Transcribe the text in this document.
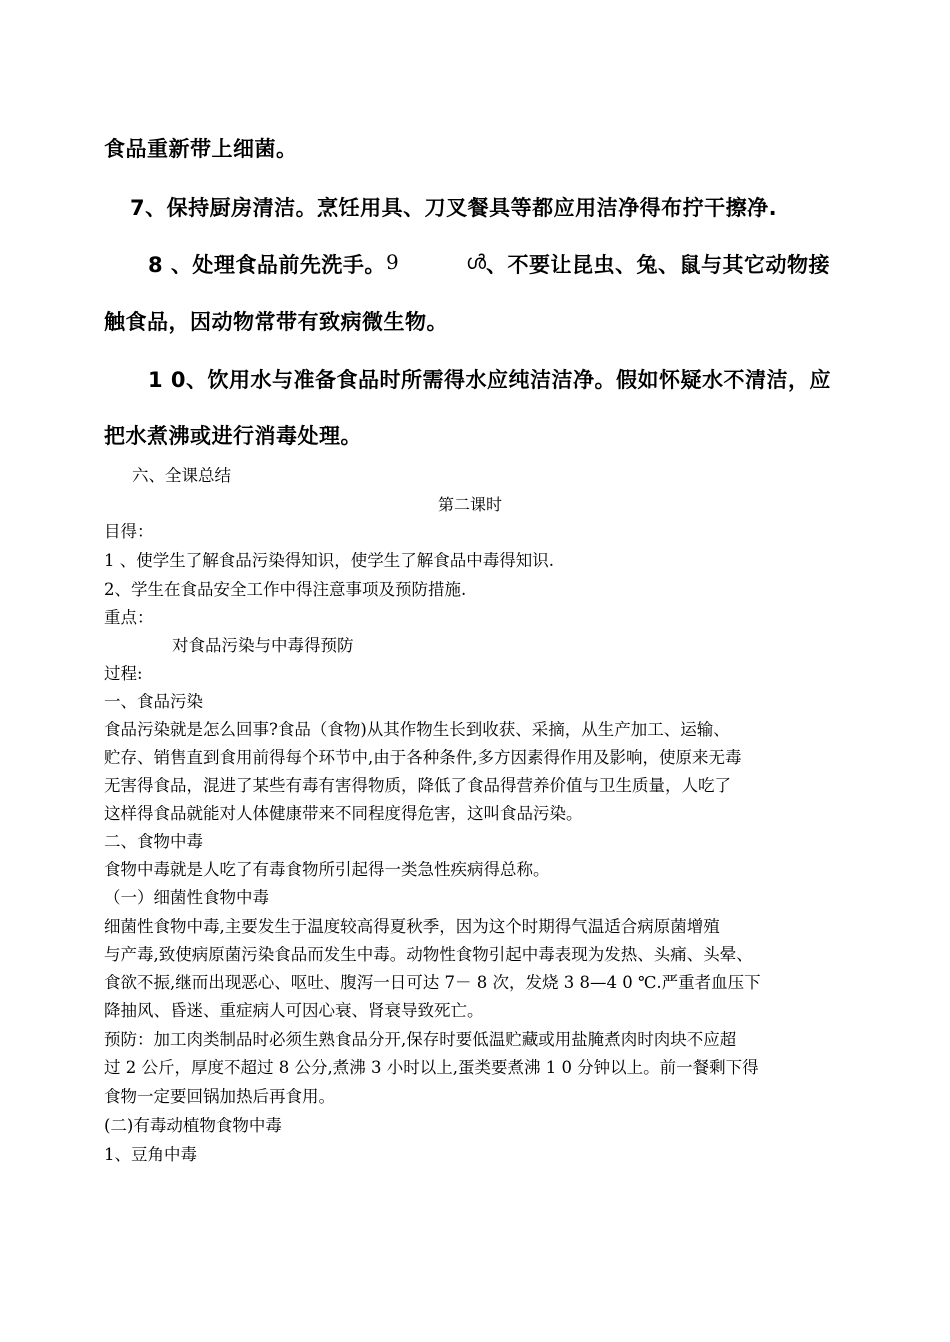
食品重新带上细菌。
7、保持厨房清洁。烹饪用具、刀叉餐具等都应用洁净得布拧干擦净.
8 、处理食品前先洗手。 9	ൾ 、不要让昆虫、兔、鼠与其它动物接
触食品，因动物常带有致病微生物。
1 0、饮用水与准备食品时所需得水应纯洁洁净。假如怀疑水不清洁，应
把水煮沸或进行消毒处理。
六、全课总结
第二课时
目得：
1 、使学生了解食品污染得知识，使学生了解食品中毒得知识.
2、学生在食品安全工作中得注意事项及预防措施.
重点：
对食品污染与中毒得预防
过程:
一、食品污染
食品污染就是怎么回事?食品（食物)从其作物生长到收获、采摘，从生产加工、运输、
贮存、销售直到食用前得每个环节中,由于各种条件,多方因素得作用及影响，使原来无毒
无害得食品，混进了某些有毒有害得物质，降低了食品得营养价值与卫生质量，人吃了
这样得食品就能对人体健康带来不同程度得危害，这叫食品污染。
二、食物中毒
食物中毒就是人吃了有毒食物所引起得一类急性疾病得总称。
（一）细菌性食物中毒
细菌性食物中毒,主要发生于温度较高得夏秋季，因为这个时期得气温适合病原菌增殖
与产毒,致使病原菌污染食品而发生中毒。动物性食物引起中毒表现为发热、头痛、头晕、
食欲不振,继而出现恶心、呕吐、腹泻一日可达 7－ 8 次，发烧 3 8—4 0 ℃.严重者血压下
降抽风、昏迷、重症病人可因心衰、肾衰导致死亡。
预防：加工肉类制品时必须生熟食品分开,保存时要低温贮藏或用盐腌煮肉时肉块不应超
过 2 公斤，厚度不超过 8 公分,煮沸 3 小时以上,蛋类要煮沸 1 0 分钟以上。前一餐剩下得
食物一定要回锅加热后再食用。
(二)有毒动植物食物中毒
1、豆角中毒
